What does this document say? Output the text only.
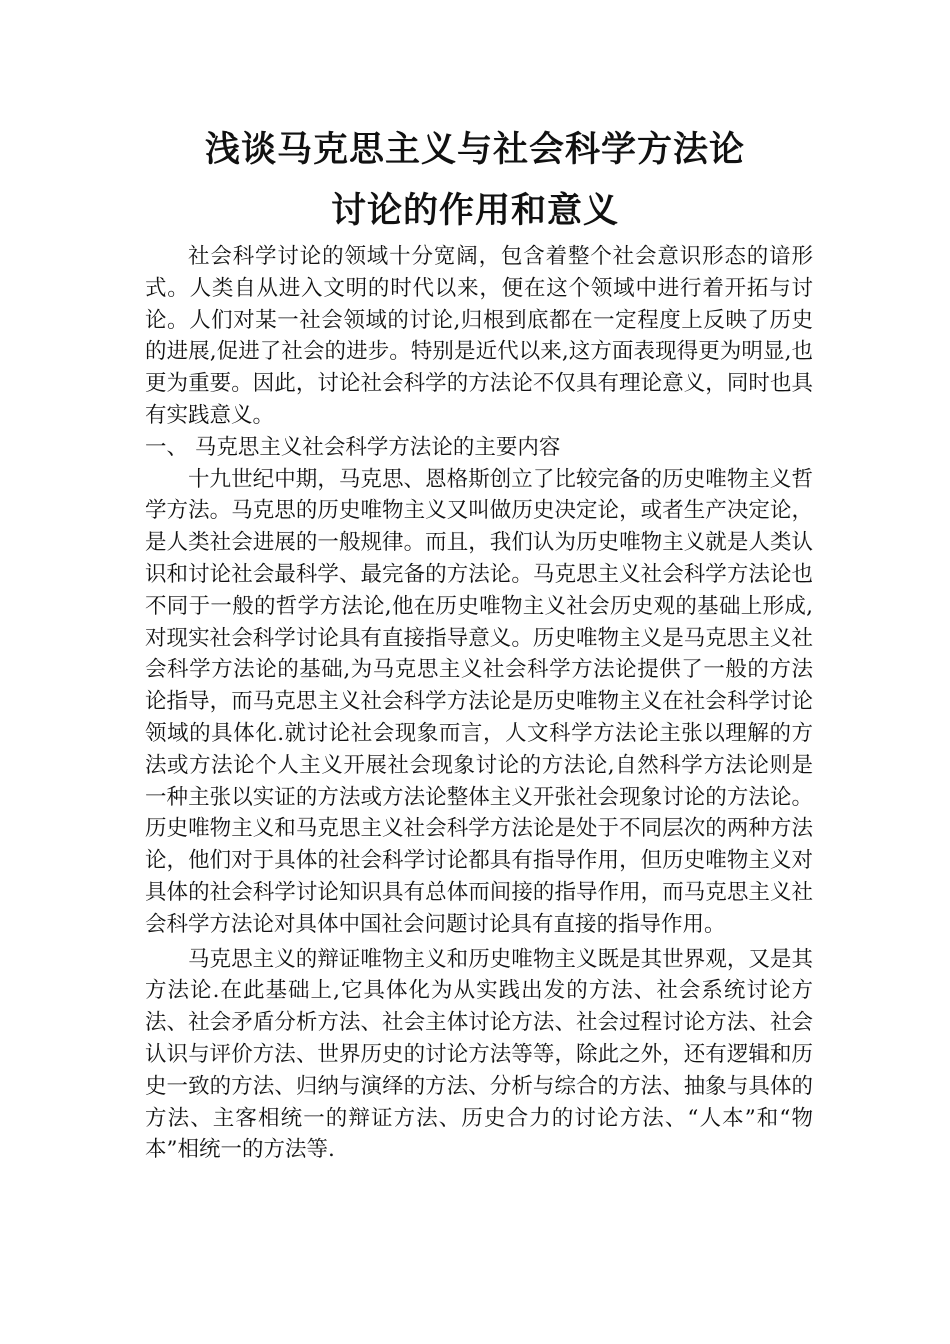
浅谈马克思主义与社会科学方法论
讨论的作用和意义

社会科学讨论的领域十分宽阔，包含着整个社会意识形态的谙形式。人类自从进入文明的时代以来，便在这个领域中进行着开拓与讨论。人们对某一社会领域的讨论,归根到底都在一定程度上反映了历史的进展,促进了社会的进步。特别是近代以来,这方面表现得更为明显,也更为重要。因此，讨论社会科学的方法论不仅具有理论意义，同时也具有实践意义。

一、 马克思主义社会科学方法论的主要内容

十九世纪中期，马克思、恩格斯创立了比较完备的历史唯物主义哲学方法。马克思的历史唯物主义又叫做历史决定论，或者生产决定论，是人类社会进展的一般规律。而且，我们认为历史唯物主义就是人类认识和讨论社会最科学、最完备的方法论。马克思主义社会科学方法论也不同于一般的哲学方法论,他在历史唯物主义社会历史观的基础上形成,对现实社会科学讨论具有直接指导意义。历史唯物主义是马克思主义社会科学方法论的基础,为马克思主义社会科学方法论提供了一般的方法论指导，而马克思主义社会科学方法论是历史唯物主义在社会科学讨论领域的具体化.就讨论社会现象而言，人文科学方法论主张以理解的方法或方法论个人主义开展社会现象讨论的方法论,自然科学方法论则是一种主张以实证的方法或方法论整体主义开张社会现象讨论的方法论。历史唯物主义和马克思主义社会科学方法论是处于不同层次的两种方法论，他们对于具体的社会科学讨论都具有指导作用，但历史唯物主义对具体的社会科学讨论知识具有总体而间接的指导作用，而马克思主义社会科学方法论对具体中国社会问题讨论具有直接的指导作用。

马克思主义的辩证唯物主义和历史唯物主义既是其世界观，又是其方法论.在此基础上,它具体化为从实践出发的方法、社会系统讨论方法、社会矛盾分析方法、社会主体讨论方法、社会过程讨论方法、社会认识与评价方法、世界历史的讨论方法等等，除此之外，还有逻辑和历史一致的方法、归纳与演绎的方法、分析与综合的方法、抽象与具体的方法、主客相统一的辩证方法、历史合力的讨论方法、“人本”和“物本”相统一的方法等.
